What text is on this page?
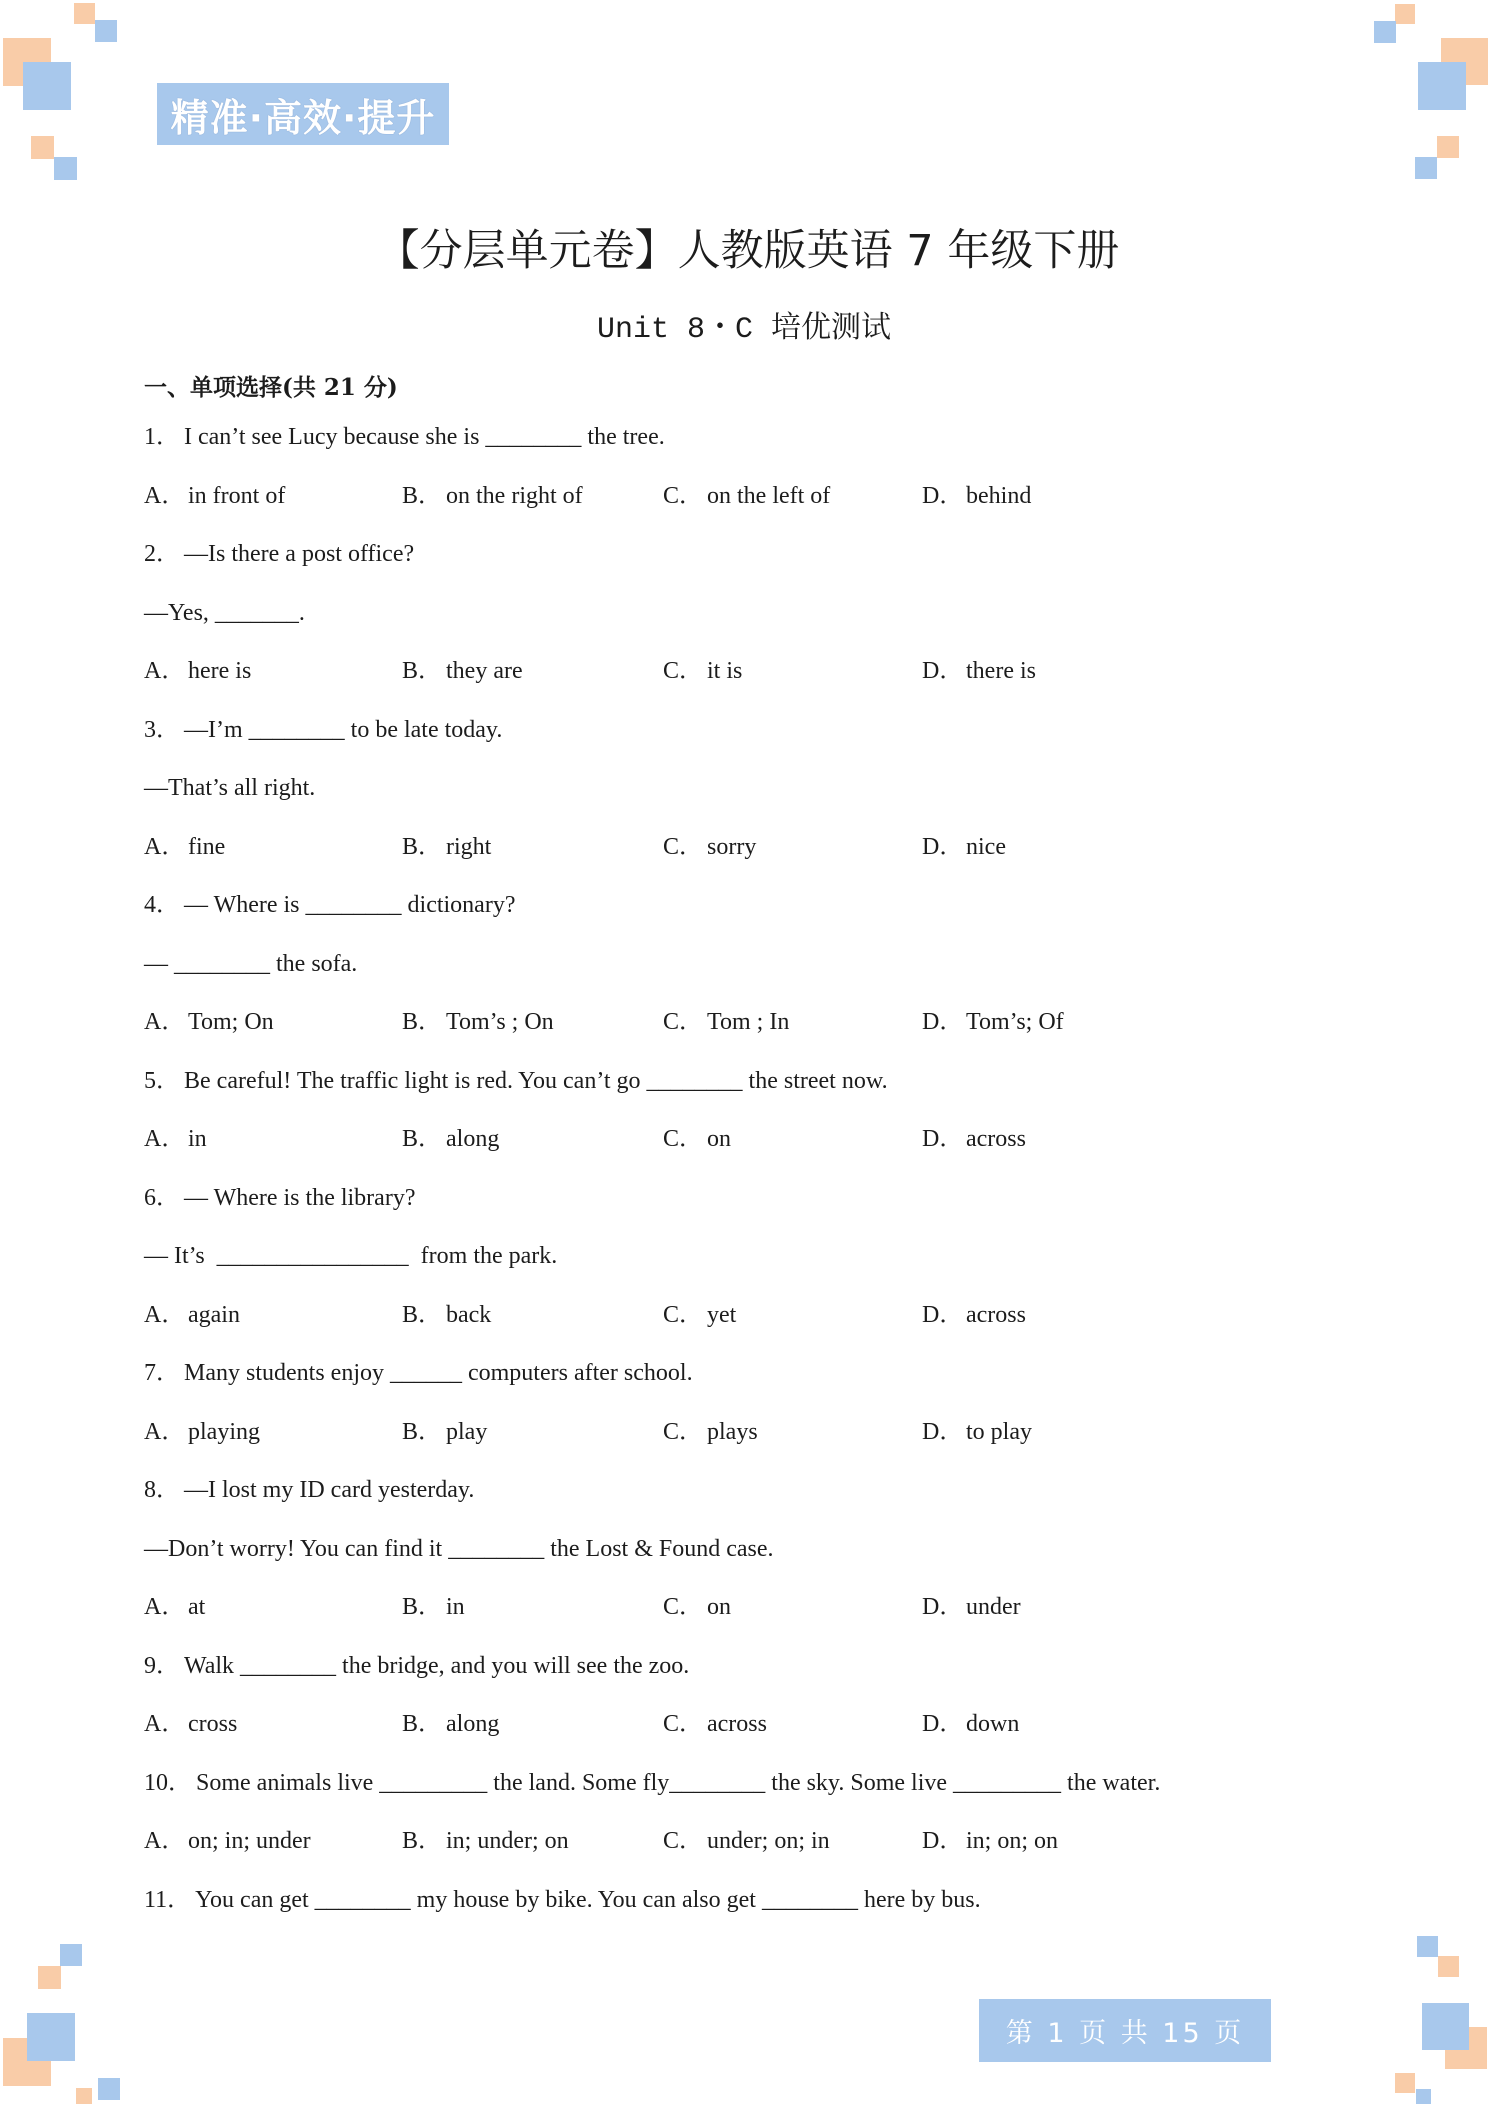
精准·高效·提升
【分层单元卷】人教版英语 7 年级下册
Unit 8・C 培优测试
一、单项选择(共 21 分)
1． I can’t see Lucy because she is ________ the tree.

A． in front of

	B． on the right of

	C． on the left of

	D． behind

2． —Is there a post office?
—Yes, _______.

A． here is

	B． they are

	C． it is

	D． there is

3． —I’m ________ to be late today.
—That’s all right.

A． fine

	B． right

	C． sorry

	D． nice

4． — Where is ________ dictionary?
— ________ the sofa.

A． Tom; On

	B． Tom’s ; On

	C． Tom ; In

	D． Tom’s; Of

5． Be careful! The traffic light is red. You can’t go ________ the street now.

A． in

	B． along

	C． on

	D． across

6． — Where is the library?
— It’s  ________________  from the park.

A． again

	B． back

	C． yet

	D． across

7． Many students enjoy ______ computers after school.

A． playing

	B． play

	C． plays

	D． to play

8． —I lost my ID card yesterday.
—Don’t worry! You can find it ________ the Lost & Found case.

A． at

	B． in

	C． on

	D． under

9． Walk ________ the bridge, and you will see the zoo.

A． cross

	B． along

	C． across

	D． down

10． Some animals live _________ the land. Some fly________ the sky. Some live _________ the water.

A． on; in; under

	B． in; under; on

	C． under; on; in

	D． in; on; on

11． You can get ________ my house by bike. You can also get ________ here by bus.
第 1 页 共 15 页
